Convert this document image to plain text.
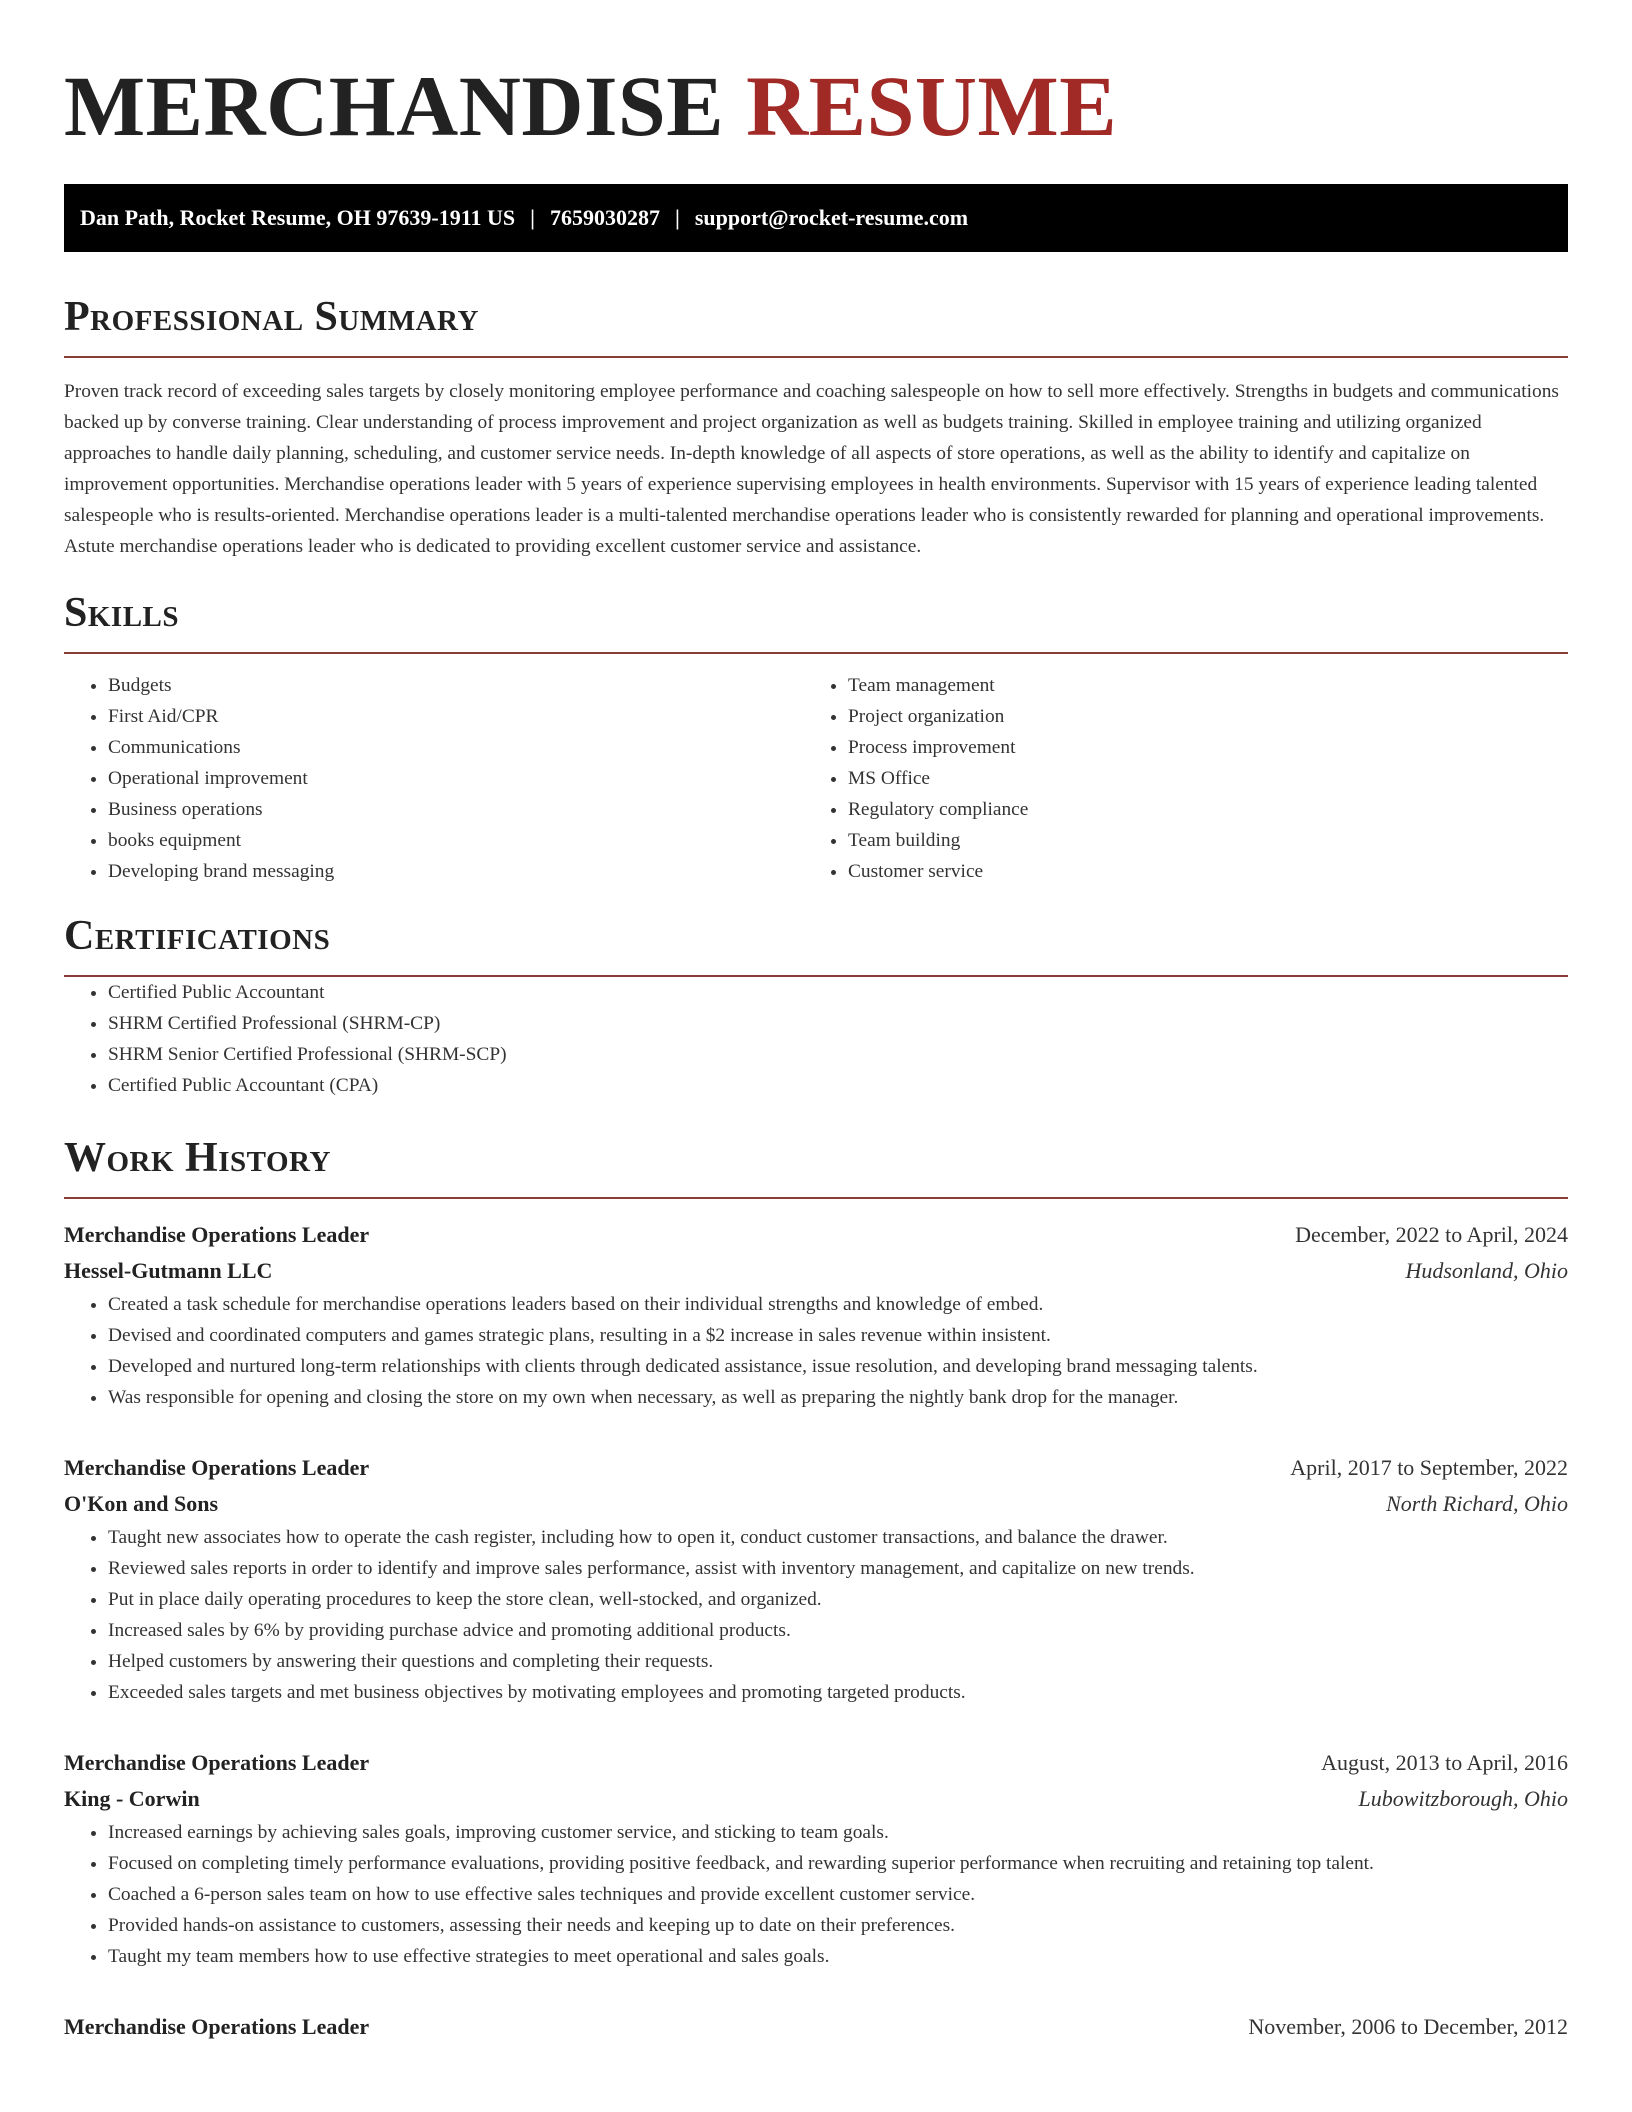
MERCHANDISE RESUME
Dan Path, Rocket Resume, OH 97639-1911 US | 7659030287 | support@rocket-resume.com
Professional Summary

Proven track record of exceeding sales targets by closely monitoring employee performance and coaching salespeople on how to sell more effectively. Strengths in budgets and communications backed up by converse training. Clear understanding of process improvement and project organization as well as budgets training. Skilled in employee training and utilizing organized approaches to handle daily planning, scheduling, and customer service needs. In-depth knowledge of all aspects of store operations, as well as the ability to identify and capitalize on improvement opportunities. Merchandise operations leader with 5 years of experience supervising employees in health environments. Supervisor with 15 years of experience leading talented salespeople who is results-oriented. Merchandise operations leader is a multi-talented merchandise operations leader who is consistently rewarded for planning and operational improvements. Astute merchandise operations leader who is dedicated to providing excellent customer service and assistance.

Skills
• Budgets
• First Aid/CPR
• Communications
• Operational improvement
• Business operations
• books equipment
• Developing brand messaging
• Team management
• Project organization
• Process improvement
• MS Office
• Regulatory compliance
• Team building
• Customer service
Certifications
• Certified Public Accountant
• SHRM Certified Professional (SHRM-CP)
• SHRM Senior Certified Professional (SHRM-SCP)
• Certified Public Accountant (CPA)
Work History
Merchandise Operations Leader	December, 2022 to April, 2024
Hessel-Gutmann LLC	Hudsonland, Ohio
• Created a task schedule for merchandise operations leaders based on their individual strengths and knowledge of embed.
• Devised and coordinated computers and games strategic plans, resulting in a $2 increase in sales revenue within insistent.
• Developed and nurtured long-term relationships with clients through dedicated assistance, issue resolution, and developing brand messaging talents.
• Was responsible for opening and closing the store on my own when necessary, as well as preparing the nightly bank drop for the manager.
Merchandise Operations Leader	April, 2017 to September, 2022
O'Kon and Sons	North Richard, Ohio
• Taught new associates how to operate the cash register, including how to open it, conduct customer transactions, and balance the drawer.
• Reviewed sales reports in order to identify and improve sales performance, assist with inventory management, and capitalize on new trends.
• Put in place daily operating procedures to keep the store clean, well-stocked, and organized.
• Increased sales by 6% by providing purchase advice and promoting additional products.
• Helped customers by answering their questions and completing their requests.
• Exceeded sales targets and met business objectives by motivating employees and promoting targeted products.
Merchandise Operations Leader	August, 2013 to April, 2016
King - Corwin	Lubowitzborough, Ohio
• Increased earnings by achieving sales goals, improving customer service, and sticking to team goals.
• Focused on completing timely performance evaluations, providing positive feedback, and rewarding superior performance when recruiting and retaining top talent.
• Coached a 6-person sales team on how to use effective sales techniques and provide excellent customer service.
• Provided hands-on assistance to customers, assessing their needs and keeping up to date on their preferences.
• Taught my team members how to use effective strategies to meet operational and sales goals.
Merchandise Operations Leader	November, 2006 to December, 2012
